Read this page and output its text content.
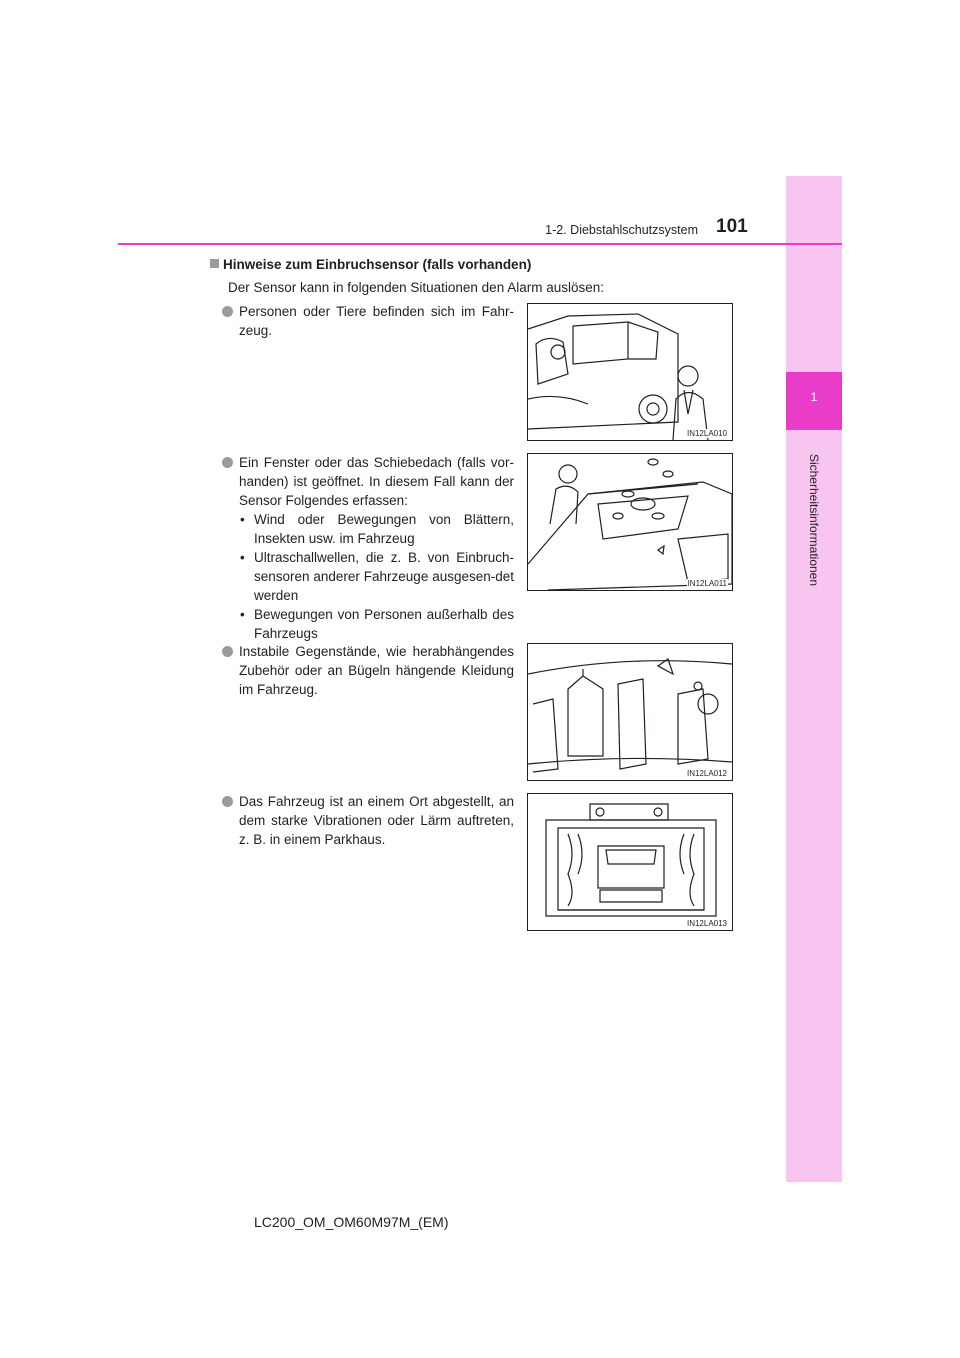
1
Sicherheitsinformationen
1-2. Diebstahlschutzsystem 101
Hinweise zum Einbruchsensor (falls vorhanden)
Der Sensor kann in folgenden Situationen den Alarm auslösen:
Personen oder Tiere befinden sich im Fahr-zeug.
IN12LA010
Ein Fenster oder das Schiebedach (falls vor-handen) ist geöffnet. In diesem Fall kann der Sensor Folgendes erfassen:
• Wind oder Bewegungen von Blättern, Insekten usw. im Fahrzeug
• Ultraschallwellen, die z. B. von Einbruch-sensoren anderer Fahrzeuge ausgesen-det werden
• Bewegungen von Personen außerhalb des Fahrzeugs
IN12LA011
Instabile Gegenstände, wie herabhängendes Zubehör oder an Bügeln hängende Kleidung im Fahrzeug.
IN12LA012
Das Fahrzeug ist an einem Ort abgestellt, an dem starke Vibrationen oder Lärm auftreten, z. B. in einem Parkhaus.
IN12LA013
LC200_OM_OM60M97M_(EM)
